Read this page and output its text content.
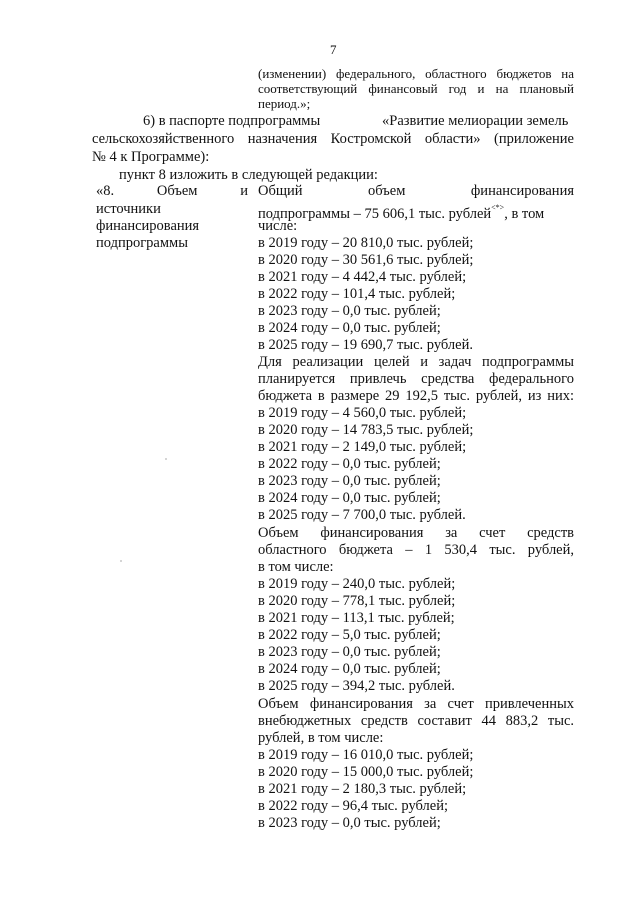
7
(изменении) федерального, областного бюджетов на
соответствующий финансовый год и на плановый
период.»;
6) в паспорте подпрограммы	«Развитие мелиорации земель
сельскохозяйственного назначения Костромской области» (приложение
№ 4 к Программе):
пункт 8 изложить в следующей редакции:
«8. Объем и
источники
финансирования
подпрограммы
Общий объем финансирования
подпрограммы – 75 606,1 тыс. рублей<*>, в том
числе:
в 2019 году – 20 810,0 тыс. рублей;
в 2020 году – 30 561,6 тыс. рублей;
в 2021 году – 4 442,4 тыс. рублей;
в 2022 году – 101,4 тыс. рублей;
в 2023 году – 0,0 тыс. рублей;
в 2024 году – 0,0 тыс. рублей;
в 2025 году – 19 690,7 тыс. рублей.
Для реализации целей и задач подпрограммы
планируется привлечь средства федерального
бюджета в размере 29 192,5 тыс. рублей, из них:
в 2019 году – 4 560,0 тыс. рублей;
в 2020 году – 14 783,5 тыс. рублей;
в 2021 году – 2 149,0 тыс. рублей;
в 2022 году – 0,0 тыс. рублей;
в 2023 году – 0,0 тыс. рублей;
в 2024 году – 0,0 тыс. рублей;
в 2025 году – 7 700,0 тыс. рублей.
Объем финансирования за счет средств
областного бюджета – 1 530,4 тыс. рублей,
в том числе:
в 2019 году – 240,0 тыс. рублей;
в 2020 году – 778,1 тыс. рублей;
в 2021 году – 113,1 тыс. рублей;
в 2022 году – 5,0 тыс. рублей;
в 2023 году – 0,0 тыс. рублей;
в 2024 году – 0,0 тыс. рублей;
в 2025 году – 394,2 тыс. рублей.
Объем финансирования за счет привлеченных
внебюджетных средств составит 44 883,2 тыс.
рублей, в том числе:
в 2019 году – 16 010,0 тыс. рублей;
в 2020 году – 15 000,0 тыс. рублей;
в 2021 году – 2 180,3 тыс. рублей;
в 2022 году – 96,4 тыс. рублей;
в 2023 году – 0,0 тыс. рублей;
